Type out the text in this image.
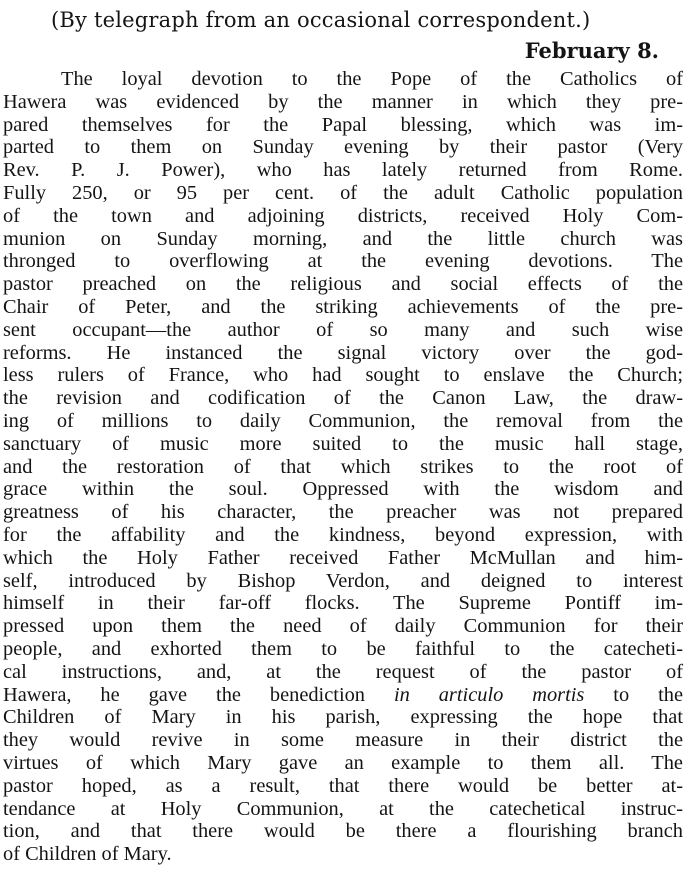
(By telegraph from an occasional correspondent.)
February 8.
The loyal devotion to the Pope of the Catholics of
Hawera was evidenced by the manner in which they pre-
pared themselves for the Papal blessing, which was im-
parted to them on Sunday evening by their pastor (Very
Rev. P. J. Power), who has lately returned from Rome.
Fully 250, or 95 per cent. of the adult Catholic population
of the town and adjoining districts, received Holy Com-
munion on Sunday morning, and the little church was
thronged to overflowing at the evening devotions. The
pastor preached on the religious and social effects of the
Chair of Peter, and the striking achievements of the pre-
sent occupant—the author of so many and such wise
reforms. He instanced the signal victory over the god-
less rulers of France, who had sought to enslave the Church;
the revision and codification of the Canon Law, the draw-
ing of millions to daily Communion, the removal from the
sanctuary of music more suited to the music hall stage,
and the restoration of that which strikes to the root of
grace within the soul. Oppressed with the wisdom and
greatness of his character, the preacher was not prepared
for the affability and the kindness, beyond expression, with
which the Holy Father received Father McMullan and him-
self, introduced by Bishop Verdon, and deigned to interest
himself in their far-off flocks. The Supreme Pontiff im-
pressed upon them the need of daily Communion for their
people, and exhorted them to be faithful to the catecheti-
cal instructions, and, at the request of the pastor of
Hawera, he gave the benediction in articulo mortis to the
Children of Mary in his parish, expressing the hope that
they would revive in some measure in their district the
virtues of which Mary gave an example to them all. The
pastor hoped, as a result, that there would be better at-
tendance at Holy Communion, at the catechetical instruc-
tion, and that there would be there a flourishing branch
of Children of Mary.
